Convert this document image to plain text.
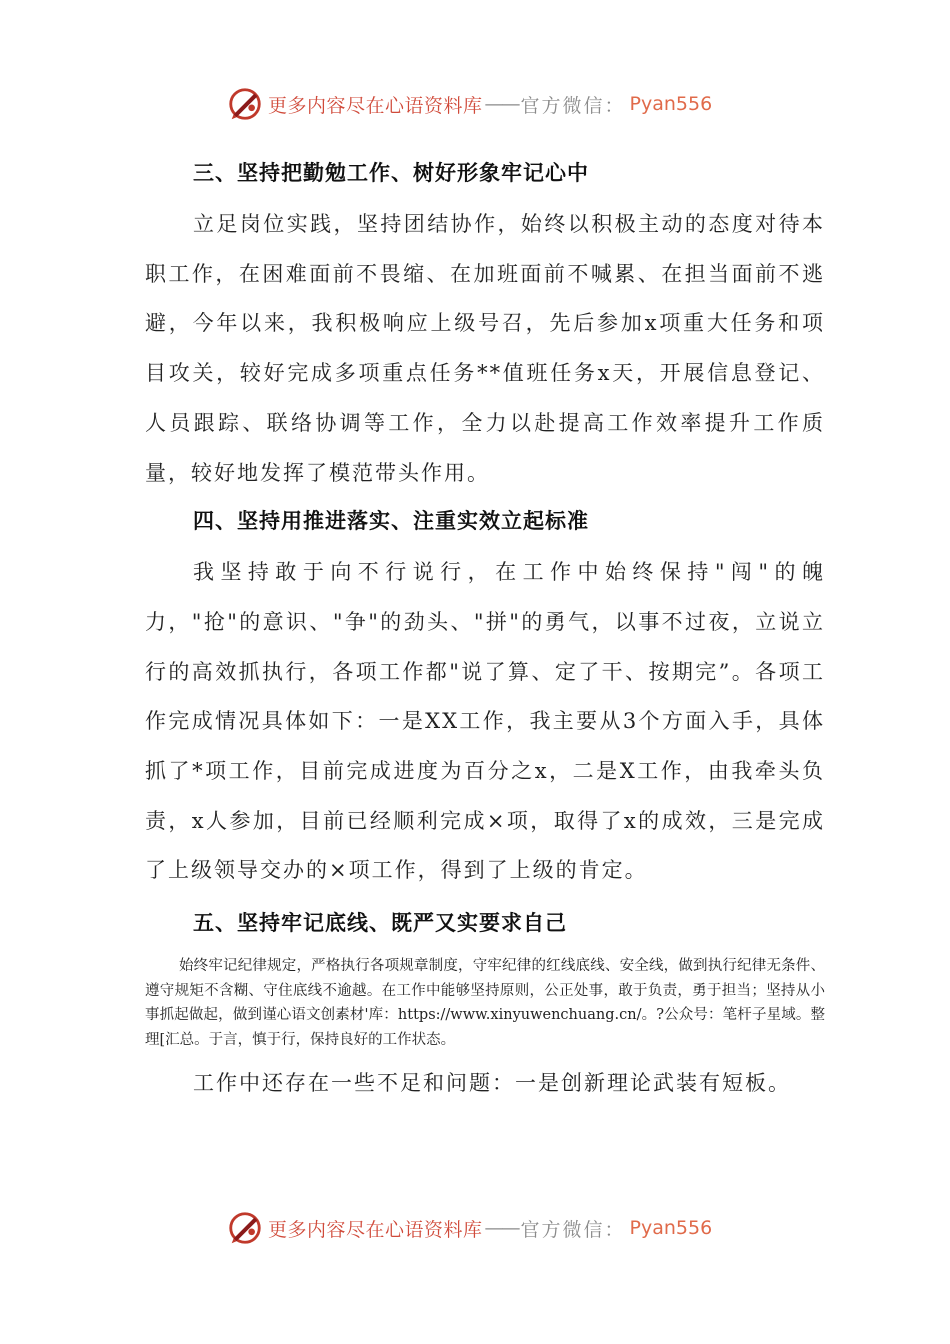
更多内容尽在心语资料库 —— 官方微信： Pyan556
三、坚持把勤勉工作、树好形象牢记心中

立足岗位实践，坚持团结协作，始终以积极主动的态度对待本职工作，在困难面前不畏缩、在加班面前不喊累、在担当面前不逃避，今年以来，我积极响应上级号召，先后参加x项重大任务和项目攻关，较好完成多项重点任务**值班任务x天，开展信息登记、人员跟踪、联络协调等工作，全力以赴提高工作效率提升工作质量，较好地发挥了模范带头作用。

四、坚持用推进落实、注重实效立起标准

我坚持敢于向不行说行，在工作中始终保持"闯"的魄力，"抢"的意识、"争"的劲头、"拼"的勇气，以事不过夜，立说立行的高效抓执行，各项工作都"说了算、定了干、按期完”。各项工作完成情况具体如下：一是XX工作，我主要从3个方面入手，具体抓了*项工作，目前完成进度为百分之x，二是X工作，由我牵头负责，x人参加，目前已经顺利完成×项，取得了x的成效，三是完成了上级领导交办的×项工作，得到了上级的肯定。

五、坚持牢记底线、既严又实要求自己

始终牢记纪律规定，严格执行各项规章制度，守牢纪律的红线底线、安全线，做到执行纪律无条件、遵守规矩不含糊、守住底线不逾越。在工作中能够坚持原则，公正处事，敢于负责，勇于担当；坚持从小事抓起做起，做到谨心语文创素材'库：https://www.xinyuwenchuang.cn/。?公众号：笔杆子星域。整理[汇总。于言，慎于行，保持良好的工作状态。

工作中还存在一些不足和问题：一是创新理论武装有短板。

更多内容尽在心语资料库 —— 官方微信： Pyan556
